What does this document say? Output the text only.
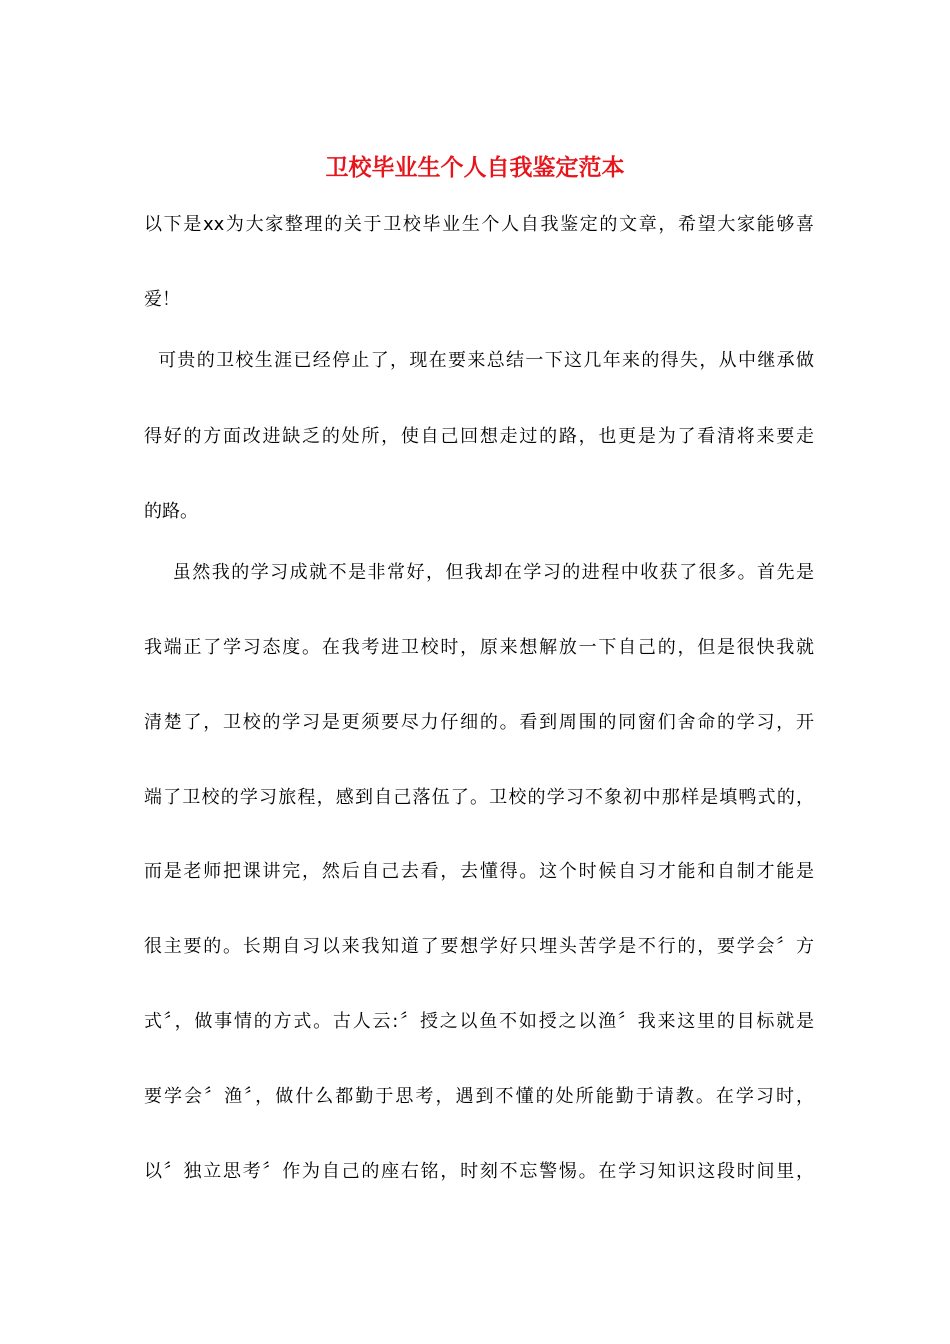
卫校毕业生个人自我鉴定范本

以下是xx为大家整理的关于卫校毕业生个人自我鉴定的文章，希望大家能够喜

爱！

可贵的卫校生涯已经停止了，现在要来总结一下这几年来的得失，从中继承做

得好的方面改进缺乏的处所，使自己回想走过的路，也更是为了看清将来要走

的路。

虽然我的学习成就不是非常好，但我却在学习的进程中收获了很多。首先是

我端正了学习态度。在我考进卫校时，原来想解放一下自己的，但是很快我就

清楚了，卫校的学习是更须要尽力仔细的。看到周围的同窗们舍命的学习，开

端了卫校的学习旅程，感到自己落伍了。卫校的学习不象初中那样是填鸭式的，

而是老师把课讲完，然后自己去看，去懂得。这个时候自习才能和自制才能是

很主要的。长期自习以来我知道了要想学好只埋头苦学是不行的，要学会〞方

式〞，做事情的方式。古人云:〞授之以鱼不如授之以渔〞我来这里的目标就是

要学会〞渔〞，做什么都勤于思考，遇到不懂的处所能勤于请教。在学习时，

以〞独立思考〞作为自己的座右铭，时刻不忘警惕。在学习知识这段时间里，
